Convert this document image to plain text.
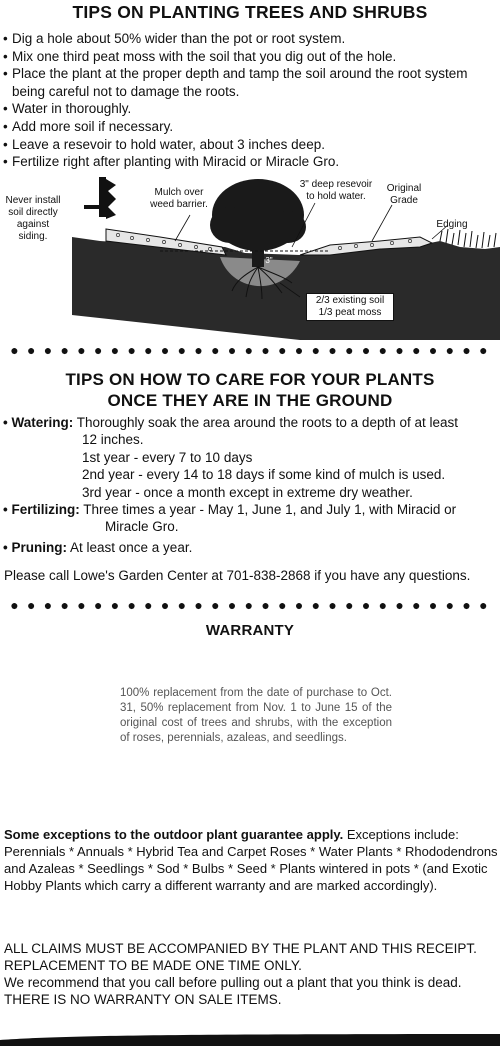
TIPS ON PLANTING TREES AND SHRUBS
• Dig a hole about 50% wider than the pot or root system.
• Mix one third peat moss with the soil that you dig out of the hole.
• Place the plant at the proper depth and tamp the soil around the root system being careful not to damage the roots.
• Water in thoroughly.
• Add more soil if necessary.
• Leave a resevoir to hold water, about 3 inches deep.
• Fertilize right after planting with Miracid or Miracle Gro.
Never install soil directly against siding.
Mulch over weed barrier.
3" deep resevoir to hold water.
Original Grade
Edging
3"
2/3 existing soil
1/3 peat moss
● ● ● ● ● ● ● ● ● ● ● ● ● ● ● ● ● ● ● ● ● ● ● ● ● ● ● ● ●
TIPS ON HOW TO CARE FOR YOUR PLANTS
ONCE THEY ARE IN THE GROUND
• Watering: Thoroughly soak the area around the roots to a depth of at least
12 inches.
1st year - every 7 to 10 days
2nd year - every 14 to 18 days if some kind of mulch is used.
3rd year - once a month except in extreme dry weather.
• Fertilizing: Three times a year - May 1, June 1, and July 1, with Miracid or
Miracle Gro.
• Pruning: At least once a year.
Please call Lowe's Garden Center at 701-838-2868 if you have any questions.
● ● ● ● ● ● ● ● ● ● ● ● ● ● ● ● ● ● ● ● ● ● ● ● ● ● ● ● ●
WARRANTY
100% replacement from the date of purchase to Oct. 31, 50% replacement from Nov. 1 to June 15 of the original cost of trees and shrubs, with the exception of roses, perennials, azaleas, and seedlings.
Some exceptions to the outdoor plant guarantee apply. Exceptions include: Perennials * Annuals * Hybrid Tea and Carpet Roses * Water Plants * Rhododendrons and Azaleas * Seedlings * Sod * Bulbs * Seed * Plants wintered in pots * (and Exotic Hobby Plants which carry a different warranty and are marked accordingly).

ALL CLAIMS MUST BE ACCOMPANIED BY THE PLANT AND THIS RECEIPT. REPLACEMENT TO BE MADE ONE TIME ONLY.

We recommend that you call before pulling out a plant that you think is dead.

THERE IS NO WARRANTY ON SALE ITEMS.
